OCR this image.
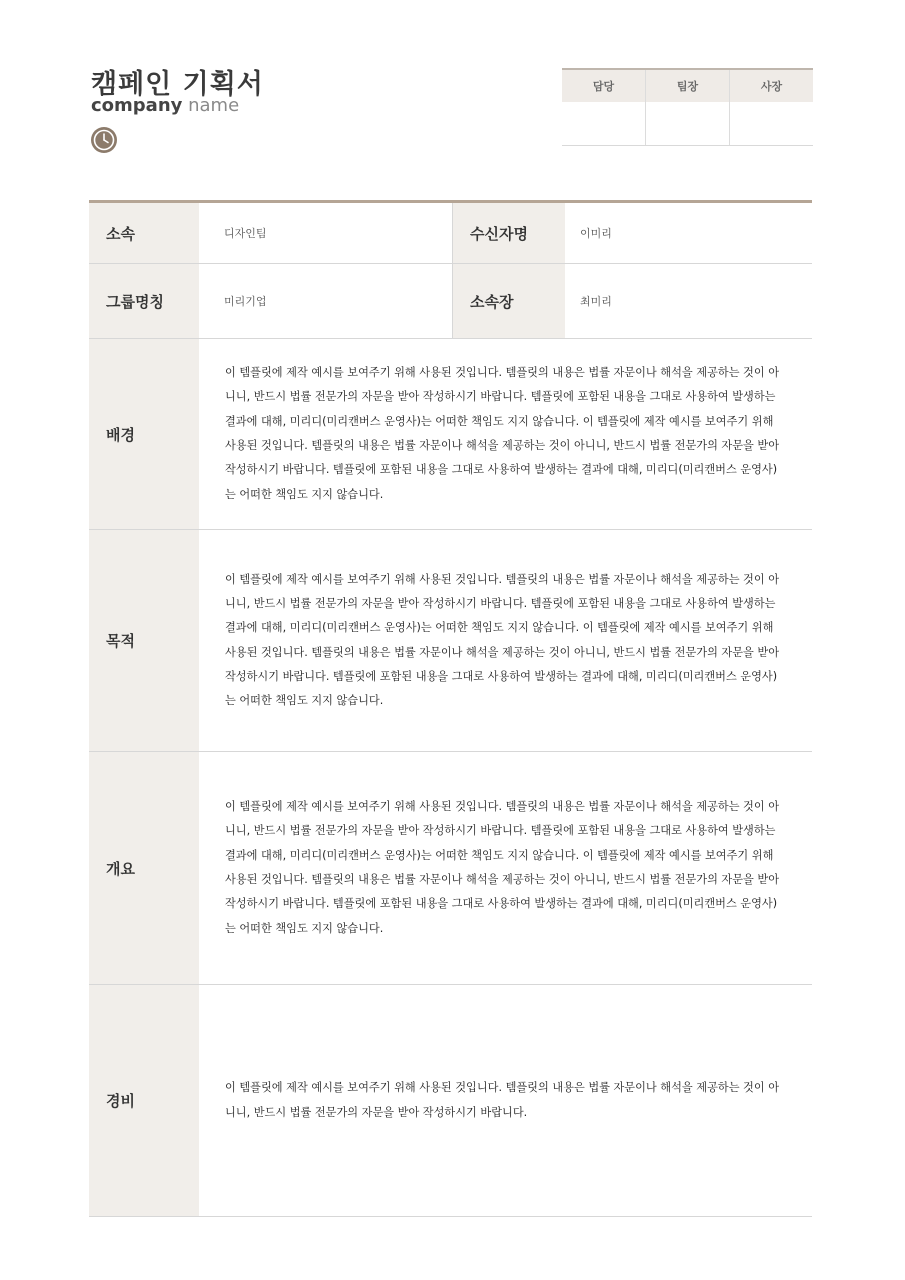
캠페인 기획서
company name
담당	팀장	사장
소속	디자인팀	수신자명	이미리
그룹명칭	미리기업	소속장	최미리
배경
이 템플릿에 제작 예시를 보여주기 위해 사용된 것입니다. 템플릿의 내용은 법률 자문이나 해석을 제공하는 것이 아니니, 반드시 법률 전문가의 자문을 받아 작성하시기 바랍니다. 템플릿에 포함된 내용을 그대로 사용하여 발생하는 결과에 대해, 미리디(미리캔버스 운영사)는 어떠한 책임도 지지 않습니다. 이 템플릿에 제작 예시를 보여주기 위해 사용된 것입니다. 템플릿의 내용은 법률 자문이나 해석을 제공하는 것이 아니니, 반드시 법률 전문가의 자문을 받아 작성하시기 바랍니다. 템플릿에 포함된 내용을 그대로 사용하여 발생하는 결과에 대해, 미리디(미리캔버스 운영사)는 어떠한 책임도 지지 않습니다.
목적
이 템플릿에 제작 예시를 보여주기 위해 사용된 것입니다. 템플릿의 내용은 법률 자문이나 해석을 제공하는 것이 아니니, 반드시 법률 전문가의 자문을 받아 작성하시기 바랍니다. 템플릿에 포함된 내용을 그대로 사용하여 발생하는 결과에 대해, 미리디(미리캔버스 운영사)는 어떠한 책임도 지지 않습니다. 이 템플릿에 제작 예시를 보여주기 위해 사용된 것입니다. 템플릿의 내용은 법률 자문이나 해석을 제공하는 것이 아니니, 반드시 법률 전문가의 자문을 받아 작성하시기 바랍니다. 템플릿에 포함된 내용을 그대로 사용하여 발생하는 결과에 대해, 미리디(미리캔버스 운영사)는 어떠한 책임도 지지 않습니다.
개요
이 템플릿에 제작 예시를 보여주기 위해 사용된 것입니다. 템플릿의 내용은 법률 자문이나 해석을 제공하는 것이 아니니, 반드시 법률 전문가의 자문을 받아 작성하시기 바랍니다. 템플릿에 포함된 내용을 그대로 사용하여 발생하는 결과에 대해, 미리디(미리캔버스 운영사)는 어떠한 책임도 지지 않습니다. 이 템플릿에 제작 예시를 보여주기 위해 사용된 것입니다. 템플릿의 내용은 법률 자문이나 해석을 제공하는 것이 아니니, 반드시 법률 전문가의 자문을 받아 작성하시기 바랍니다. 템플릿에 포함된 내용을 그대로 사용하여 발생하는 결과에 대해, 미리디(미리캔버스 운영사)는 어떠한 책임도 지지 않습니다.
경비
이 템플릿에 제작 예시를 보여주기 위해 사용된 것입니다. 템플릿의 내용은 법률 자문이나 해석을 제공하는 것이 아니니, 반드시 법률 전문가의 자문을 받아 작성하시기 바랍니다.
